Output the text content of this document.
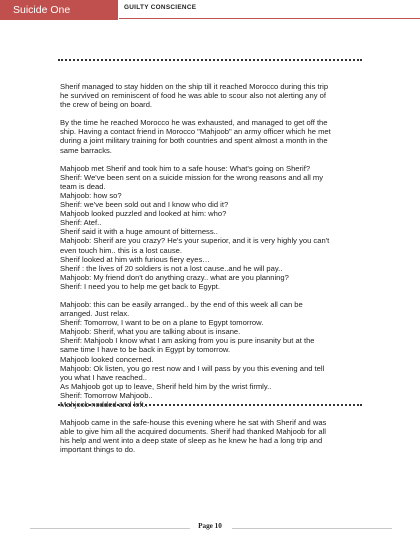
Suicide One	GUILTY CONSCIENCE

Sherif managed to stay hidden on the ship till it reached Morocco during this trip

he survived on reminiscent of food he was able to scour also not alerting any of

the crew of being on board.

By the time he reached Morocco he was exhausted, and managed to get off the

ship. Having a contact friend in Morocco "Mahjoob" an army officer which he met

during a joint military training for both countries and spent almost a month in the

same barracks.

Mahjoob met Sherif and took him to a safe house: What's going on Sherif?

Sherif: We've been sent on a suicide mission for the wrong reasons and all my

team is dead.

Mahjoob: how so?

Sherif: we've been sold out and I know who did it?

Mahjoob looked puzzled and looked at him: who?

Sherif: Atef..

Sherif said it with a huge amount of bitterness..

Mahjoob: Sherif are you crazy? He's your superior, and it is very highly you can't

even touch him.. this is a lost cause.

Sherif looked at him with furious fiery eyes…

Sherif : the lives of 20 soldiers is not a lost cause..and he will pay..

Mahjoob: My friend don't do anything crazy.. what are you planning?

Sherif: I need you to help me get back to Egypt.

Mahjoob: this can be easily arranged.. by the end of this week all can be

arranged. Just relax.

Sherif: Tomorrow, I want to be on a plane to Egypt tomorrow.

Mahjoob: Sherif, what you are talking about is insane.

Sherif: Mahjoob I know what I am asking from you is pure insanity but at the

same time I have to be back in Egypt by tomorrow.

Mahjoob looked concerned.

Mahjoob: Ok listen, you go rest now and I will pass by you this evening and tell

you what I have reached..

As Mahjoob got up to leave, Sherif held him by the wrist firmly..

Sherif: Tomorrow Mahjoob..

Mahjoob nodded and left..

Mahjoob came in the safe-house this evening where he sat with Sherif and was

able to give him all the acquired documents. Sherif had thanked Mahjoob for all

his help and went into a deep state of sleep as he knew he had a long trip and

important things to do.

Page 10
